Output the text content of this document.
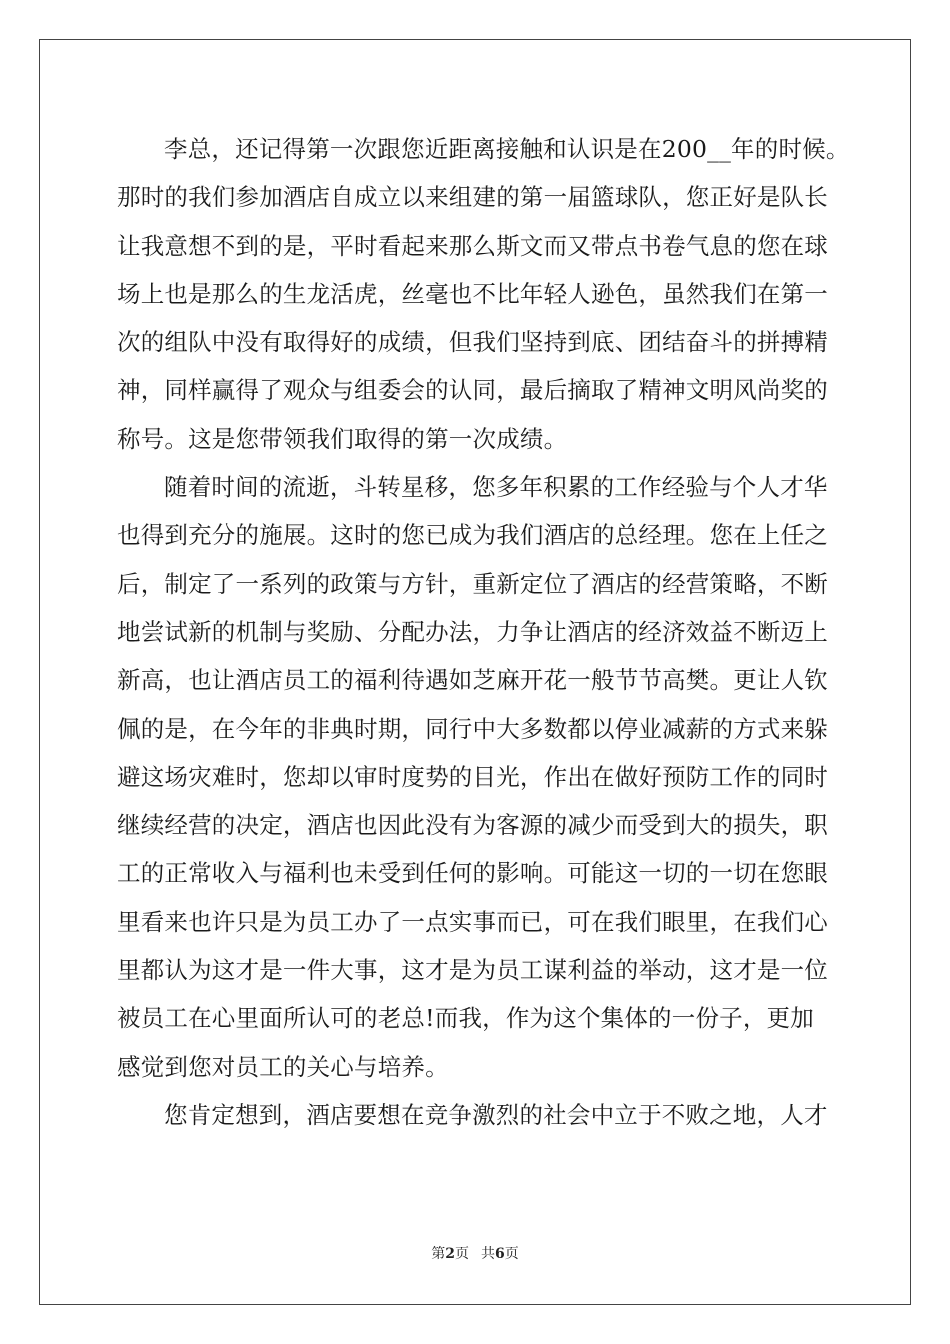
李总，还记得第一次跟您近距离接触和认识是在200__年的时候。
那时的我们参加酒店自成立以来组建的第一届篮球队，您正好是队长
让我意想不到的是，平时看起来那么斯文而又带点书卷气息的您在球
场上也是那么的生龙活虎，丝毫也不比年轻人逊色，虽然我们在第一
次的组队中没有取得好的成绩，但我们坚持到底、团结奋斗的拼搏精
神，同样赢得了观众与组委会的认同，最后摘取了精神文明风尚奖的
称号。这是您带领我们取得的第一次成绩。
随着时间的流逝，斗转星移，您多年积累的工作经验与个人才华
也得到充分的施展。这时的您已成为我们酒店的总经理。您在上任之
后，制定了一系列的政策与方针，重新定位了酒店的经营策略，不断
地尝试新的机制与奖励、分配办法，力争让酒店的经济效益不断迈上
新高，也让酒店员工的福利待遇如芝麻开花一般节节高樊。更让人钦
佩的是，在今年的非典时期，同行中大多数都以停业减薪的方式来躲
避这场灾难时，您却以审时度势的目光，作出在做好预防工作的同时
继续经营的决定，酒店也因此没有为客源的减少而受到大的损失，职
工的正常收入与福利也未受到任何的影响。可能这一切的一切在您眼
里看来也许只是为员工办了一点实事而已，可在我们眼里，在我们心
里都认为这才是一件大事，这才是为员工谋利益的举动，这才是一位
被员工在心里面所认可的老总!而我，作为这个集体的一份子，更加
感觉到您对员工的关心与培养。
您肯定想到，酒店要想在竞争激烈的社会中立于不败之地，人才
第2页 共6页
